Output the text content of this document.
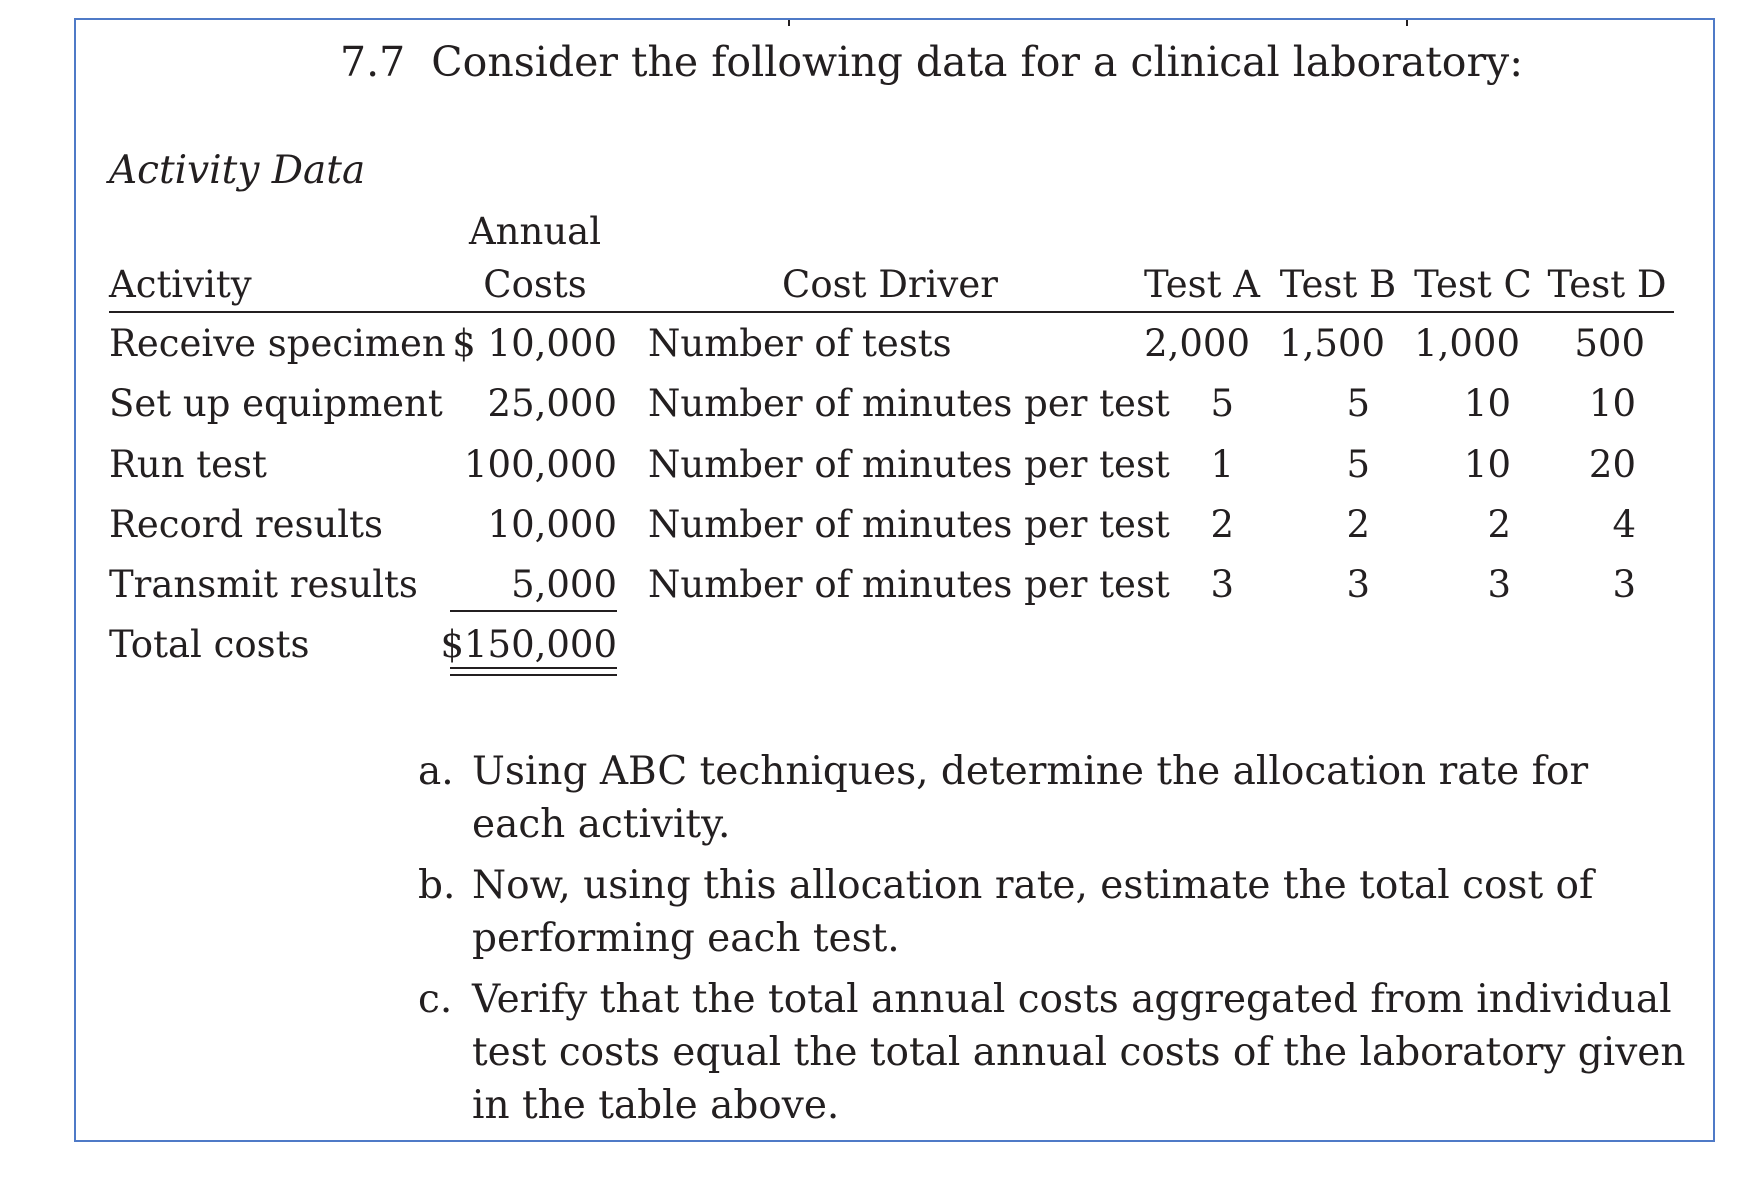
7.7 Consider the following data for a clinical laboratory:
Activity Data
Annual
Activity	Costs	Cost Driver	Test A Test B Test C Test D
Receive specimen $ 10,000 Number of tests	2,000 1,500 1,000	500
Set up equipment	25,000 Number of minutes per test	5	5	10	10
Run test	100,000 Number of minutes per test	1	5	10	20
Record results	10,000 Number of minutes per test	2	2	2	4
Transmit results	5,000 Number of minutes per test	3	3	3	3
Total costs	$150,000
a. Using ABC techniques, determine the allocation rate for each activity.
b. Now, using this allocation rate, estimate the total cost of performing each test.
c. Verify that the total annual costs aggregated from individual test costs equal the total annual costs of the laboratory given in the table above.
